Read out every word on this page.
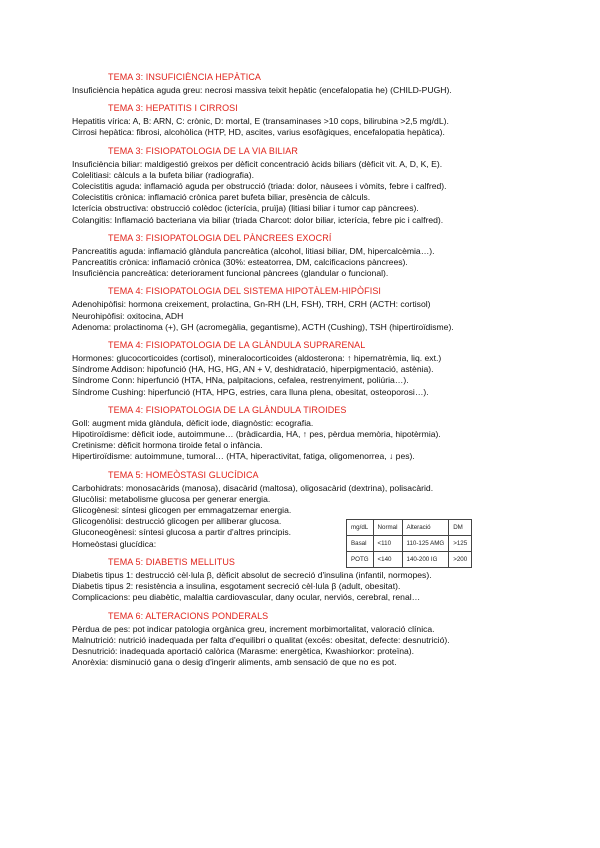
TEMA 3: INSUFICIÈNCIA HEPÀTICA
Insuficiència hepàtica aguda greu : necrosi massiva teixit hepàtic (encefalopatia he) (CHILD-PUGH).
TEMA 3: HEPATITIS I CIRROSI
Hepatitis vírica : A, B: ARN, C: crònic, D: mortal, E (transaminases >10 cops, bilirubina >2,5 mg/dL).
Cirrosi hepàtica : fibrosi, alcohòlica (HTP, HD, ascites, varius esofàgiques, encefalopatia hepàtica).
TEMA 3: FISIOPATOLOGIA DE LA VIA BILIAR
Insuficiència biliar : maldigestió greixos per dèficit concentració àcids biliars (dèficit vit. A, D, K, E).
Colelitiasi : càlculs a la bufeta biliar (radiografia).
Colecistitis aguda : inflamació aguda per obstrucció (triada: dolor, nàusees i vòmits, febre i calfred).
Colecistitis crònica : inflamació crònica paret bufeta biliar, presència de càlculs.
Icterícia obstructiva : obstrucció colèdoc (icterícia, pruïja) (litiasi biliar i tumor cap pàncrees).
Colangitis : Inflamació bacteriana via biliar (triada Charcot: dolor biliar, icterícia, febre pic i calfred).
TEMA 3: FISIOPATOLOGIA DEL PÀNCREES EXOCRÍ
Pancreatitis aguda : inflamació glàndula pancreàtica (alcohol, litiasi biliar, DM, hipercalcèmia…).
Pancreatitis crònica : inflamació crònica (30%: esteatorrea, DM, calcificacions pàncrees).
Insuficiència pancreàtica : deteriorament funcional pàncrees (glandular o funcional).
TEMA 4: FISIOPATOLOGIA DEL SISTEMA HIPOTÀLEM-HIPÒFISI
Adenohipòfisi : hormona creixement, prolactina, Gn-RH (LH, FSH), TRH, CRH (ACTH: cortisol)
Neurohipòfisi : oxitocina, ADH
Adenoma : prolactinoma (+), GH (acromegàlia, gegantisme), ACTH (Cushing), TSH (hipertiroïdisme).
TEMA 4: FISIOPATOLOGIA DE LA GLÀNDULA SUPRARENAL
Hormones : glucocorticoides (cortisol), mineralocorticoides (aldosterona: ↑ hipernatrèmia, liq. ext.)
Síndrome Addison : hipofunció (HA, HG, HG, AN + V, deshidratació, hiperpigmentació, astènia).
Síndrome Conn : hiperfunció (HTA, HNa, palpitacions, cefalea, restrenyiment, poliúria…).
Síndrome Cushing : hiperfunció (HTA, HPG, estries, cara lluna plena, obesitat, osteoporosi…).
TEMA 4: FISIOPATOLOGIA DE LA GLÀNDULA TIROIDES
Goll : augment mida glàndula, dèficit iode, diagnòstic: ecografia.
Hipotiroïdisme : dèficit iode, autoimmune… (bràdicardia, HA, ↑ pes, pèrdua memòria, hipotèrmia).
Cretinisme : dèficit hormona tiroide fetal o infància.
Hipertiroïdisme : autoimmune, tumoral… (HTA, hiperactivitat, fatiga, oligomenorrea, ↓ pes).
TEMA 5: HOMEÒSTASI GLUCÍDICA
Carbohidrats : monosacàrids (manosa), disacàrid (maltosa), oligosacàrid (dextrina), polisacàrid.
Glucòlisi : metabolisme glucosa per generar energia.
Glicogènesi : síntesi glicogen per emmagatzemar energia.
Glicogenòlisi : destrucció glicogen per alliberar glucosa.
Gluconeogènesi : síntesi glucosa a partir d'altres principis.
Homeòstasi glucídica :
mg/dL	Normal	Alteració	DM
Basal	<110	110-125 AMG	>125
POTG	<140	140-200 IG	>200
TEMA 5: DIABETIS MELLITUS
Diabetis tipus 1 : destrucció cèl·lula β, dèficit absolut de secreció d'insulina (infantil, normopes).
Diabetis tipus 2 : resistència a insulina, esgotament secreció cèl·lula β (adult, obesitat).
Complicacions : peu diabètic, malaltia cardiovascular, dany ocular, nerviós, cerebral, renal…
TEMA 6: ALTERACIONS PONDERALS
Pèrdua de pes : pot indicar patologia orgànica greu, increment morbimortalitat, valoració clínica.
Malnutrició : nutrició inadequada per falta d'equilibri o qualitat (excés: obesitat, defecte: desnutrició).
Desnutrició : inadequada aportació calòrica (Marasme: energètica, Kwashiorkor: proteïna).
Anorèxia : disminució gana o desig d'ingerir aliments, amb sensació de que no es pot.
